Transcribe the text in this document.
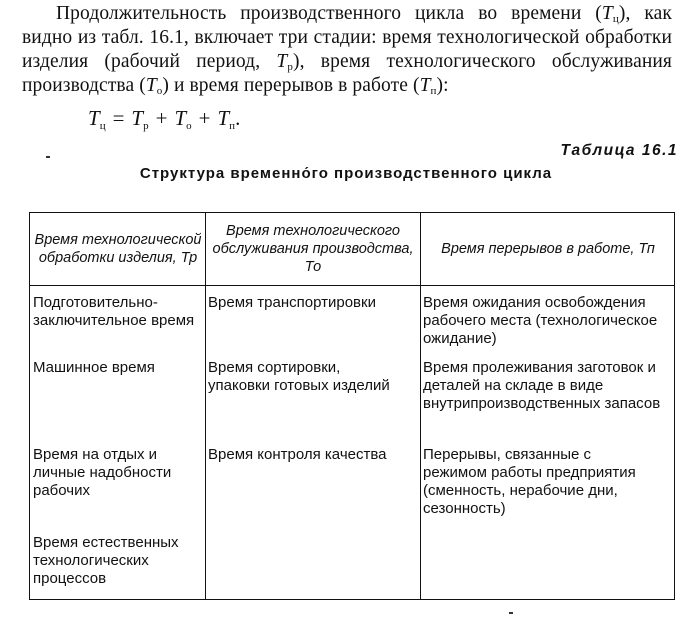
Продолжительность производственного цикла во времени $(T_ц)$, как видно из табл. 16.1, включает три стадии: время технологической обработки изделия (рабочий период, $T_р$), время технологического обслуживания производства $(T_о)$ и время перерывов в работе $(T_п)$:
$T_ц = T_р + T_о + T_п$.
Таблица 16.1
Структура временно́го производственного цикла
Время технологической обработки изделия, Тр
Время технологического обслуживания производства, То
Время перерывов в работе, Тп
Подготовительно-заключительное время
Машинное время
Время на отдых и личные надобности рабочих
Время естественных технологических процессов
Время транспортировки
Время сортировки, упаковки готовых изделий
Время контроля качества
Время ожидания освобождения рабочего места (технологическое ожидание)
Время пролеживания заготовок и деталей на складе в виде внутрипроизводственных запасов
Перерывы, связанные с режимом работы предприятия (сменность, нерабочие дни, сезонность)
